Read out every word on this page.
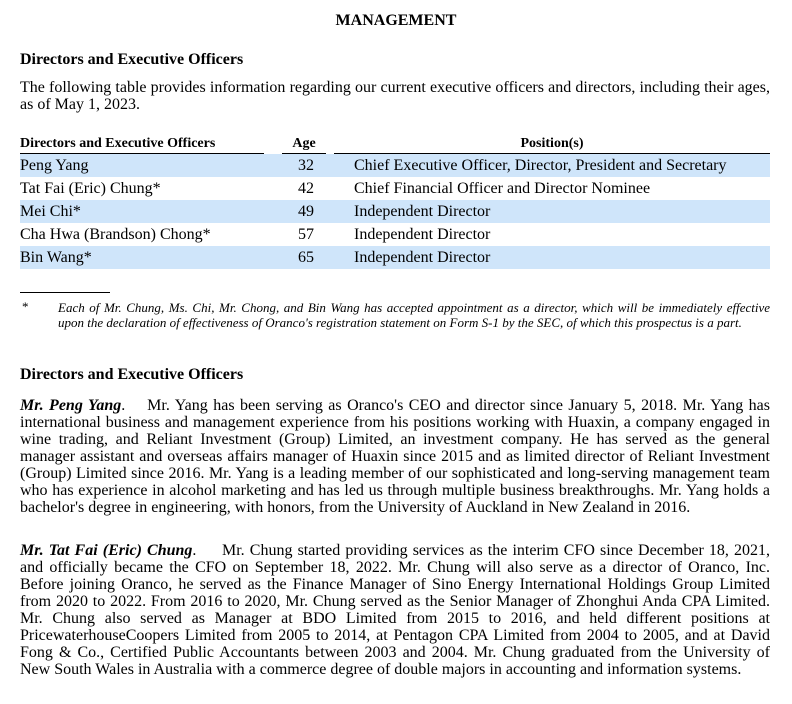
MANAGEMENT
Directors and Executive Officers
The following table provides information regarding our current executive officers and directors, including their ages, as of May 1, 2023.
Directors and Executive Officers		Age		Position(s)
Peng Yang	32			Chief Executive Officer, Director, President and Secretary
Tat Fai (Eric) Chung*	42			Chief Financial Officer and Director Nominee
Mei Chi*	49			Independent Director
Cha Hwa (Brandson) Chong*	57			Independent Director
Bin Wang*	65			Independent Director
* Each of Mr. Chung, Ms. Chi, Mr. Chong, and Bin Wang has accepted appointment as a director, which will be immediately effective upon the declaration of effectiveness of Oranco's registration statement on Form S-1 by the SEC, of which this prospectus is a part.
Directors and Executive Officers
Mr. Peng Yang.    Mr. Yang has been serving as Oranco's CEO and director since January 5, 2018. Mr. Yang has international business and management experience from his positions working with Huaxin, a company engaged in wine trading, and Reliant Investment (Group) Limited, an investment company. He has served as the general manager assistant and overseas affairs manager of Huaxin since 2015 and as limited director of Reliant Investment (Group) Limited since 2016. Mr. Yang is a leading member of our sophisticated and long-serving management team who has experience in alcohol marketing and has led us through multiple business breakthroughs. Mr. Yang holds a bachelor's degree in engineering, with honors, from the University of Auckland in New Zealand in 2016.
Mr. Tat Fai (Eric) Chung.     Mr. Chung started providing services as the interim CFO since December 18, 2021, and officially became the CFO on September 18, 2022. Mr. Chung will also serve as a director of Oranco, Inc. Before joining Oranco, he served as the Finance Manager of Sino Energy International Holdings Group Limited from 2020 to 2022. From 2016 to 2020, Mr. Chung served as the Senior Manager of Zhonghui Anda CPA Limited. Mr. Chung also served as Manager at BDO Limited from 2015 to 2016, and held different positions at PricewaterhouseCoopers Limited from 2005 to 2014, at Pentagon CPA Limited from 2004 to 2005, and at David Fong & Co., Certified Public Accountants between 2003 and 2004. Mr. Chung graduated from the University of New South Wales in Australia with a commerce degree of double majors in accounting and information systems.
